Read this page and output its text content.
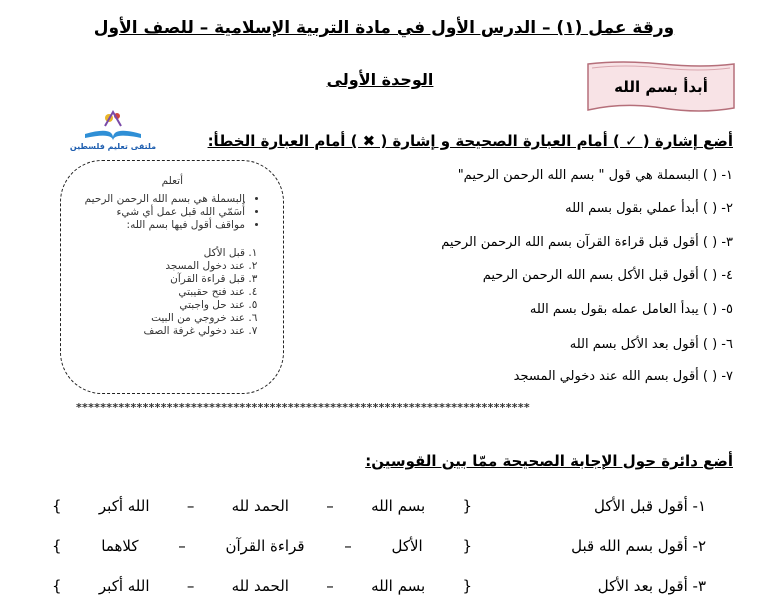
ورقة عمل (١) – الدرس الأول في مادة التربية الإسلامية – للصف الأول
أبدأ بسم الله
الوحدة الأولى
ملتقى تعليم فلسطين	أضع إشارة ( ✓ ) أمام العبارة الصحيحة و إشارة ( ✖ ) أمام العبارة الخطأ:
١- ( ) البسملة هي قول " بسم الله الرحمن الرحيم"
٢- ( ) أبدأ عملي بقول بسم الله
٣- ( ) أقول قبل قراءة القرآن بسم الله الرحمن الرحيم
٤- ( ) أقول قبل الأكل بسم الله الرحمن الرحيم
٥- ( ) يبدأ العامل عمله بقول بسم الله
٦- ( ) أقول بعد الأكل بسم الله
٧- ( ) أقول بسم الله عند دخولي المسجد
أتعلم
• البسملة هي بسم الله الرحمن الرحيم
• أُسَمّي الله قبل عمل أي شيء
• مواقف أقول فيها بسم الله:
1. قبل الأكل
2. عند دخول المسجد
3. قبل قراءة القرآن
4. عند فتح حقيبتي
5. عند حل واجبتي
6. عند خروجي من البيت
7. عند دخولي غرفة الصف
***************************************************************************
أضع دائرة حول الإجابة الصحيحة ممّا بين القوسين:
١- أقول قبل الأكل
{
بسم الله
–
الحمد لله
–
الله أكبر
}
٢- أقول بسم الله قبل
{
الأكل
–
قراءة القرآن
–
كلاهما
}
٣- أقول بعد الأكل
{
بسم الله
–
الحمد لله
–
الله أكبر
}
